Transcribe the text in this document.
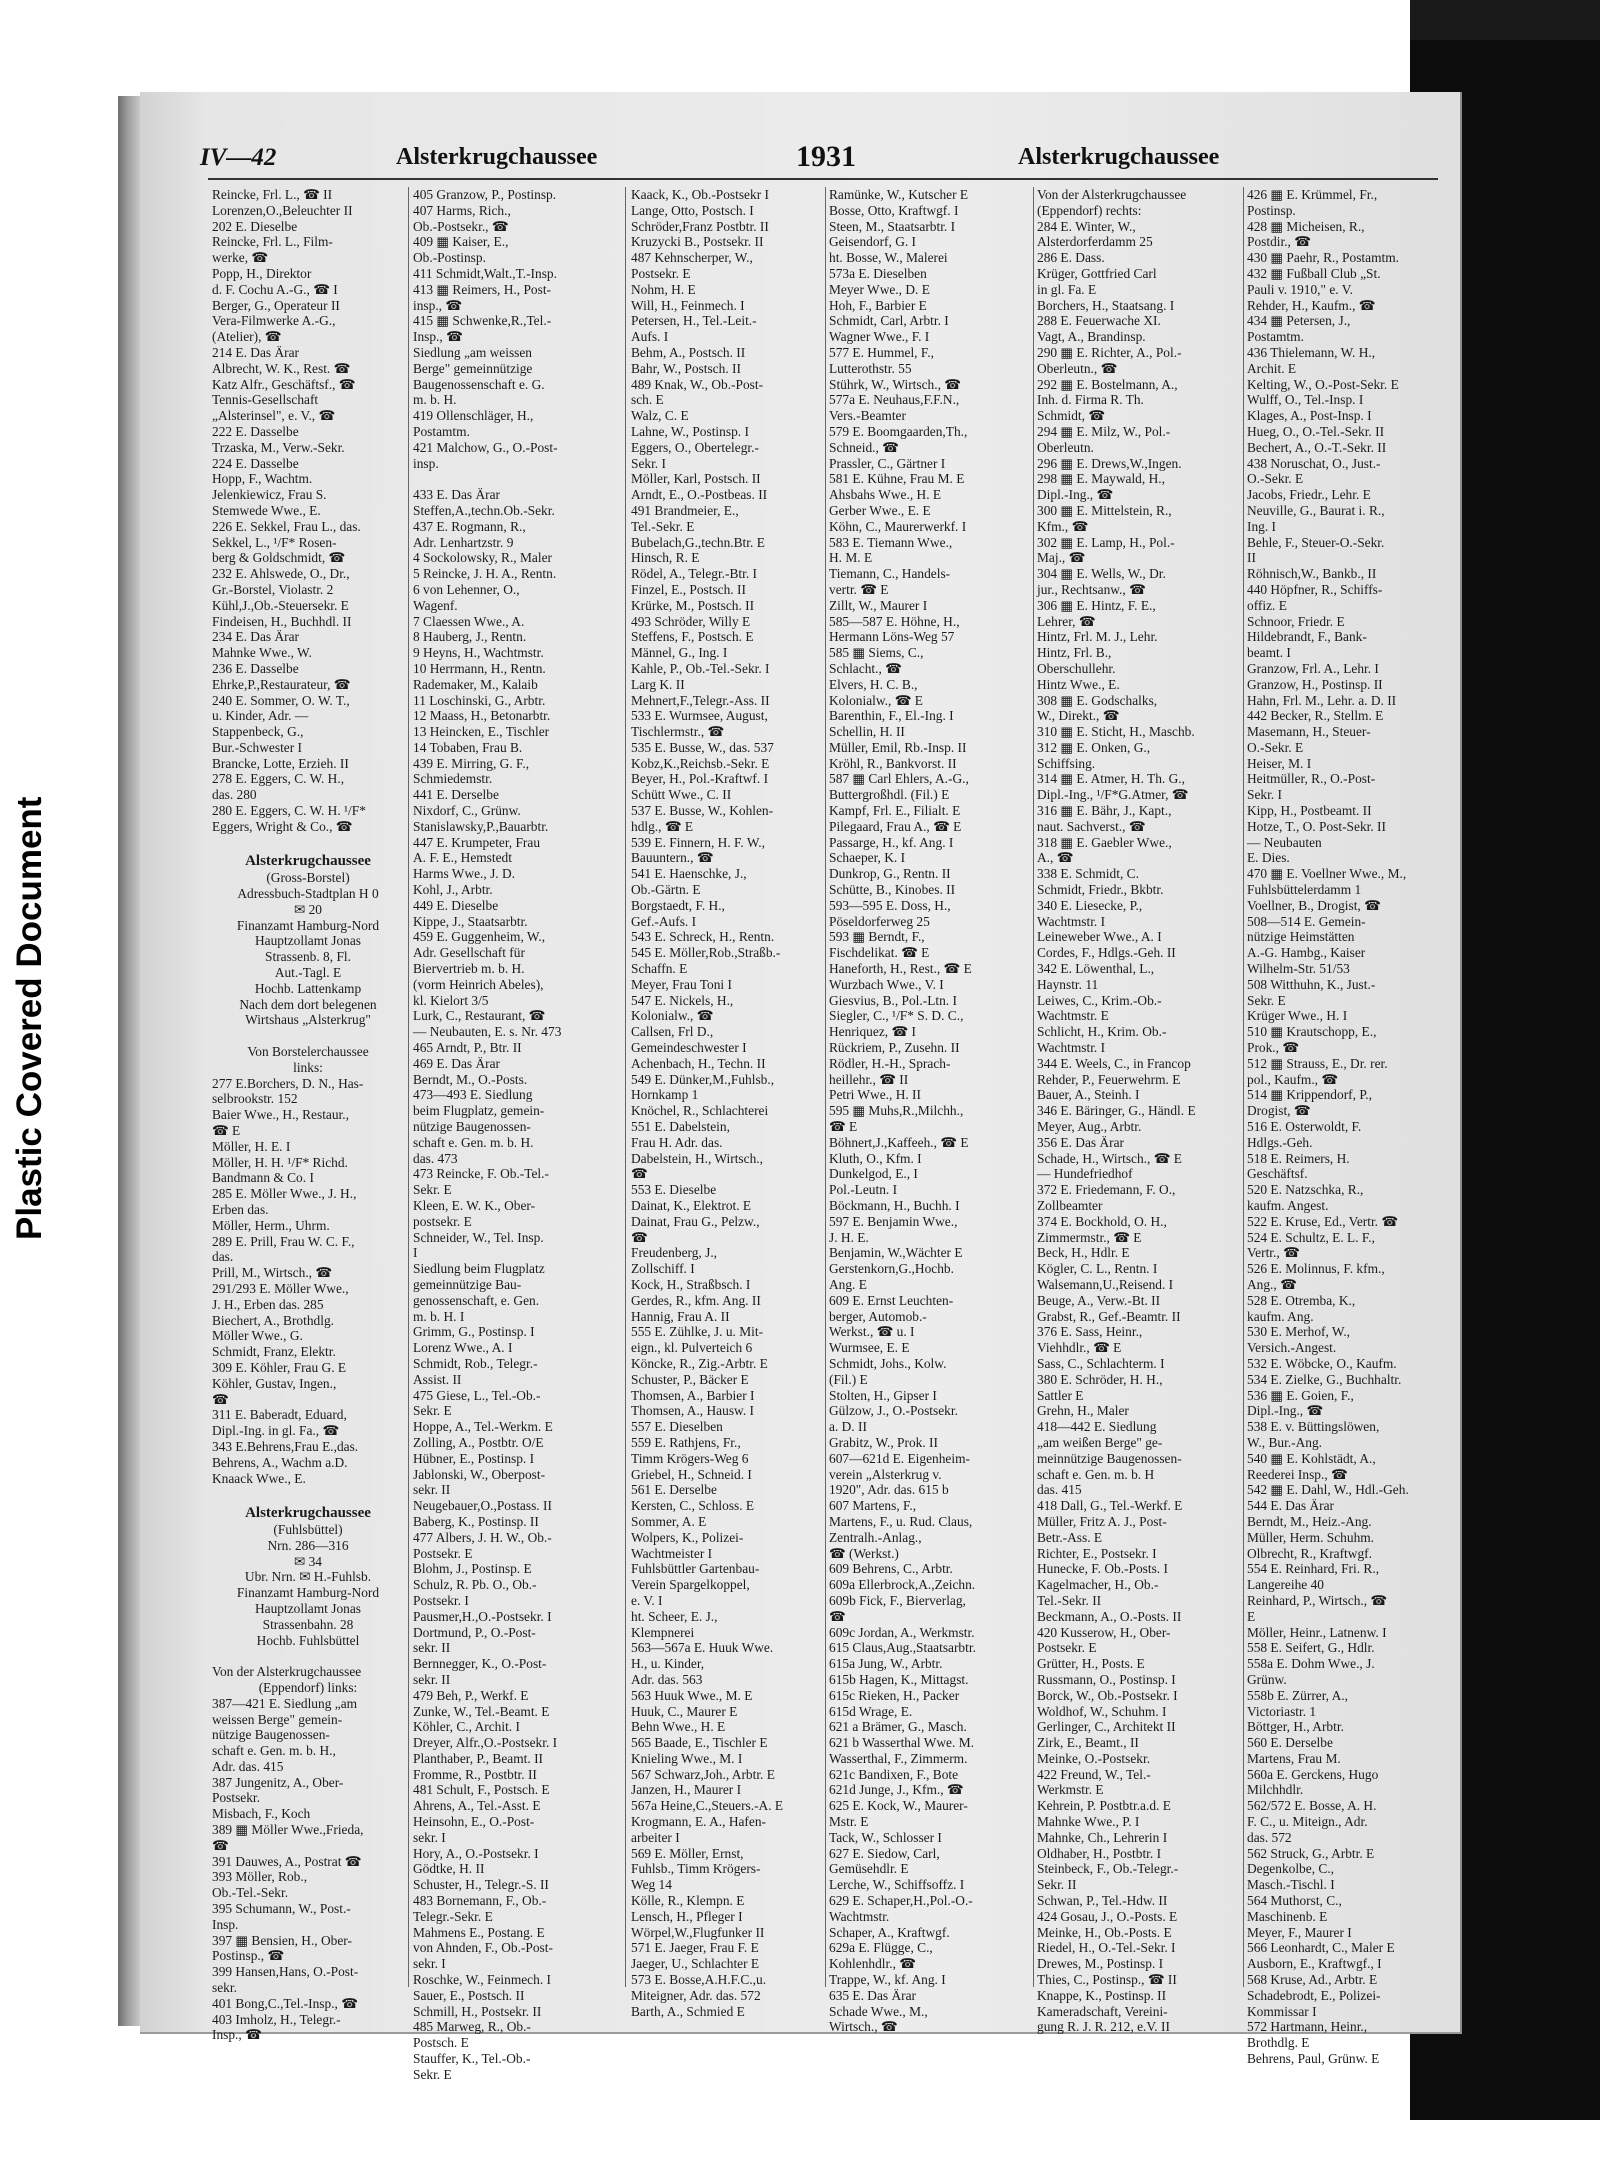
Plastic Covered Document
IV—42	Alsterkrugchaussee	1931	Alsterkrugchaussee

Reincke, Frl. L., ☎ II

Lorenzen,O.,Beleuchter II

202 E. Dieselbe

Reincke, Frl. L., Film-

werke, ☎

Popp, H., Direktor

d. F. Cochu A.-G., ☎ I

Berger, G., Operateur II

Vera-Filmwerke A.-G.,

(Atelier), ☎

214 E. Das Ärar

Albrecht, W. K., Rest. ☎

Katz Alfr., Geschäftsf., ☎

Tennis-Gesellschaft

„Alsterinsel", e. V., ☎

222 E. Dasselbe

Trzaska, M., Verw.-Sekr.

224 E. Dasselbe

Hopp, F., Wachtm.

Jelenkiewicz, Frau S.

Stemwede Wwe., E.

226 E. Sekkel, Frau L., das.

Sekkel, L., ¹/F* Rosen-

berg & Goldschmidt, ☎

232 E. Ahlswede, O., Dr.,

Gr.-Borstel, Violastr. 2

Kühl,J.,Ob.-Steuersekr. E

Findeisen, H., Buchhdl. II

234 E. Das Ärar

Mahnke Wwe., W.

236 E. Dasselbe

Ehrke,P.,Restaurateur, ☎

240 E. Sommer, O. W. T.,

u. Kinder, Adr. —

Stappenbeck, G.,

Bur.-Schwester I

Brancke, Lotte, Erzieh. II

278 E. Eggers, C. W. H.,

das. 280

280 E. Eggers, C. W. H. ¹/F*

Eggers, Wright & Co., ☎

Alsterkrugchaussee

(Gross-Borstel)

Adressbuch-Stadtplan H 0

✉ 20

Finanzamt Hamburg-Nord

Hauptzollamt Jonas

Strassenb. 8, Fl.

Aut.-Tagl. E

Hochb. Lattenkamp

Nach dem dort belegenen

Wirtshaus „Alsterkrug"

Von Borstelerchaussee

links:

277 E.Borchers, D. N., Has-

selbrookstr. 152

Baier Wwe., H., Restaur.,

☎ E

Möller, H. E. I

Möller, H. H. ¹/F* Richd.

Bandmann & Co. I

285 E. Möller Wwe., J. H.,

Erben das.

Möller, Herm., Uhrm.

289 E. Prill, Frau W. C. F.,

das.

Prill, M., Wirtsch., ☎

291/293 E. Möller Wwe.,

J. H., Erben das. 285

Biechert, A., Brothdlg.

Möller Wwe., G.

Schmidt, Franz, Elektr.

309 E. Köhler, Frau G. E

Köhler, Gustav, Ingen.,

☎

311 E. Baberadt, Eduard,

Dipl.-Ing. in gl. Fa., ☎

343 E.Behrens,Frau E.,das.

Behrens, A., Wachm a.D.

Knaack Wwe., E.

Alsterkrugchaussee

(Fuhlsbüttel)

Nrn. 286—316

✉ 34

Ubr. Nrn. ✉ H.-Fuhlsb.

Finanzamt Hamburg-Nord

Hauptzollamt Jonas

Strassenbahn. 28

Hochb. Fuhlsbüttel

Von der Alsterkrugchaussee

(Eppendorf) links:

387—421 E. Siedlung „am

weissen Berge" gemein-

nützige Baugenossen-

schaft e. Gen. m. b. H.,

Adr. das. 415

387 Jungenitz, A., Ober-

Postsekr.

Misbach, F., Koch

389 ▦ Möller Wwe.,Frieda,

☎

391 Dauwes, A., Postrat ☎

393 Möller, Rob.,

Ob.-Tel.-Sekr.

395 Schumann, W., Post.-

Insp.

397 ▦ Bensien, H., Ober-

Postinsp., ☎

399 Hansen,Hans, O.-Post-

sekr.

401 Bong,C.,Tel.-Insp., ☎

403 Imholz, H., Telegr.-

Insp., ☎

405 Granzow, P., Postinsp.

407 Harms, Rich.,

Ob.-Postsekr., ☎

409 ▦ Kaiser, E.,

Ob.-Postinsp.

411 Schmidt,Walt.,T.-Insp.

413 ▦ Reimers, H., Post-

insp., ☎

415 ▦ Schwenke,R.,Tel.-

Insp., ☎

Siedlung „am weissen

Berge" gemeinnützige

Baugenossenschaft e. G.

m. b. H.

419 Ollenschläger, H.,

Postamtm.

421 Malchow, G., O.-Post-

insp.

433 E. Das Ärar

Steffen,A.,techn.Ob.-Sekr.

437 E. Rogmann, R.,

Adr. Lenhartzstr. 9

4 Sockolowsky, R., Maler

5 Reincke, J. H. A., Rentn.

6 von Lehenner, O.,

Wagenf.

7 Claessen Wwe., A.

8 Hauberg, J., Rentn.

9 Heyns, H., Wachtmstr.

10 Herrmann, H., Rentn.

Rademaker, M., Kalaib

11 Loschinski, G., Arbtr.

12 Maass, H., Betonarbtr.

13 Heincken, E., Tischler

14 Tobaben, Frau B.

439 E. Mirring, G. F.,

Schmiedemstr.

441 E. Derselbe

Nixdorf, C., Grünw.

Stanislawsky,P.,Bauarbtr.

447 E. Krumpeter, Frau

A. F. E., Hemstedt

Harms Wwe., J. D.

Kohl, J., Arbtr.

449 E. Dieselbe

Kippe, J., Staatsarbtr.

459 E. Guggenheim, W.,

Adr. Gesellschaft für

Biervertrieb m. b. H.

(vorm Heinrich Abeles),

kl. Kielort 3/5

Lurk, C., Restaurant, ☎

— Neubauten, E. s. Nr. 473

465 Arndt, P., Btr. II

469 E. Das Ärar

Berndt, M., O.-Posts.

473—493 E. Siedlung

beim Flugplatz, gemein-

nützige Baugenossen-

schaft e. Gen. m. b. H.

das. 473

473 Reincke, F. Ob.-Tel.-

Sekr. E

Kleen, E. W. K., Ober-

postsekr. E

Schneider, W., Tel. Insp.

I

Siedlung beim Flugplatz

gemeinnützige Bau-

genossenschaft, e. Gen.

m. b. H. I

Grimm, G., Postinsp. I

Lorenz Wwe., A. I

Schmidt, Rob., Telegr.-

Assist. II

475 Giese, L., Tel.-Ob.-

Sekr. E

Hoppe, A., Tel.-Werkm. E

Zolling, A., Postbtr. O/E

Hübner, E., Postinsp. I

Jablonski, W., Oberpost-

sekr. II

Neugebauer,O.,Postass. II

Baberg, K., Postinsp. II

477 Albers, J. H. W., Ob.-

Postsekr. E

Blohm, J., Postinsp. E

Schulz, R. Pb. O., Ob.-

Postsekr. I

Pausmer,H.,O.-Postsekr. I

Dortmund, P., O.-Post-

sekr. II

Bernnegger, K., O.-Post-

sekr. II

479 Beh, P., Werkf. E

Zunke, W., Tel.-Beamt. E

Köhler, C., Archit. I

Dreyer, Alfr.,O.-Postsekr. I

Planthaber, P., Beamt. II

Fromme, R., Postbtr. II

481 Schult, F., Postsch. E

Ahrens, A., Tel.-Asst. E

Heinsohn, E., O.-Post-

sekr. I

Hory, A., O.-Postsekr. I

Gödtke, H. II

Schuster, H., Telegr.-S. II

483 Bornemann, F., Ob.-

Telegr.-Sekr. E

Mahmens E., Postang. E

von Ahnden, F., Ob.-Post-

sekr. I

Roschke, W., Feinmech. I

Sauer, E., Postsch. II

Schmill, H., Postsekr. II

485 Marweg, R., Ob.-

Postsch. E

Stauffer, K., Tel.-Ob.-

Sekr. E

Kaack, K., Ob.-Postsekr I

Lange, Otto, Postsch. I

Schröder,Franz Postbtr. II

Kruzycki B., Postsekr. II

487 Kehnscherper, W.,

Postsekr. E

Nohm, H. E

Will, H., Feinmech. I

Petersen, H., Tel.-Leit.-

Aufs. I

Behm, A., Postsch. II

Bahr, W., Postsch. II

489 Knak, W., Ob.-Post-

sch. E

Walz, C. E

Lahne, W., Postinsp. I

Eggers, O., Obertelegr.-

Sekr. I

Möller, Karl, Postsch. II

Arndt, E., O.-Postbeas. II

491 Brandmeier, E.,

Tel.-Sekr. E

Bubelach,G.,techn.Btr. E

Hinsch, R. E

Rödel, A., Telegr.-Btr. I

Finzel, E., Postsch. II

Krürke, M., Postsch. II

493 Schröder, Willy E

Steffens, F., Postsch. E

Männel, G., Ing. I

Kahle, P., Ob.-Tel.-Sekr. I

Larg K. II

Mehnert,F.,Telegr.-Ass. II

533 E. Wurmsee, August,

Tischlermstr., ☎

535 E. Busse, W., das. 537

Kobz,K.,Reichsb.-Sekr. E

Beyer, H., Pol.-Kraftwf. I

Schütt Wwe., C. II

537 E. Busse, W., Kohlen-

hdlg., ☎ E

539 E. Finnern, H. F. W.,

Bauuntern., ☎

541 E. Haenschke, J.,

Ob.-Gärtn. E

Borgstaedt, F. H.,

Gef.-Aufs. I

543 E. Schreck, H., Rentn.

545 E. Möller,Rob.,Straßb.-

Schaffn. E

Meyer, Frau Toni I

547 E. Nickels, H.,

Kolonialw., ☎

Callsen, Frl D.,

Gemeindeschwester I

Achenbach, H., Techn. II

549 E. Dünker,M.,Fuhlsb.,

Hornkamp 1

Knöchel, R., Schlachterei

551 E. Dabelstein,

Frau H. Adr. das.

Dabelstein, H., Wirtsch.,

☎

553 E. Dieselbe

Dainat, K., Elektrot. E

Dainat, Frau G., Pelzw.,

☎

Freudenberg, J.,

Zollschiff. I

Kock, H., Straßbsch. I

Gerdes, R., kfm. Ang. II

Hannig, Frau A. II

555 E. Zühlke, J. u. Mit-

eign., kl. Pulverteich 6

Köncke, R., Zig.-Arbtr. E

Schuster, P., Bäcker E

Thomsen, A., Barbier I

Thomsen, A., Hausw. I

557 E. Dieselben

559 E. Rathjens, Fr.,

Timm Krögers-Weg 6

Griebel, H., Schneid. I

561 E. Derselbe

Kersten, C., Schloss. E

Sommer, A. E

Wolpers, K., Polizei-

Wachtmeister I

Fuhlsbüttler Gartenbau-

Verein Spargelkoppel,

e. V. I

ht. Scheer, E. J.,

Klempnerei

563—567a E. Huuk Wwe.

H., u. Kinder,

Adr. das. 563

563 Huuk Wwe., M. E

Huuk, C., Maurer E

Behn Wwe., H. E

565 Baade, E., Tischler E

Knieling Wwe., M. I

567 Schwarz,Joh., Arbtr. E

Janzen, H., Maurer I

567a Heine,C.,Steuers.-A. E

Krogmann, E. A., Hafen-

arbeiter I

569 E. Möller, Ernst,

Fuhlsb., Timm Krögers-

Weg 14

Kölle, R., Klempn. E

Lensch, H., Pfleger I

Wörpel,W.,Flugfunker II

571 E. Jaeger, Frau F. E

Jaeger, U., Schlachter E

573 E. Bosse,A.H.F.C.,u.

Miteigner, Adr. das. 572

Barth, A., Schmied E

Ramünke, W., Kutscher E

Bosse, Otto, Kraftwgf. I

Steen, M., Staatsarbtr. I

Geisendorf, G. I

ht. Bosse, W., Malerei

573a E. Dieselben

Meyer Wwe., D. E

Hoh, F., Barbier E

Schmidt, Carl, Arbtr. I

Wagner Wwe., F. I

577 E. Hummel, F.,

Lutterothstr. 55

Stührk, W., Wirtsch., ☎

577a E. Neuhaus,F.F.N.,

Vers.-Beamter

579 E. Boomgaarden,Th.,

Schneid., ☎

Prassler, C., Gärtner I

581 E. Kühne, Frau M. E

Ahsbahs Wwe., H. E

Gerber Wwe., E. E

Köhn, C., Maurerwerkf. I

583 E. Tiemann Wwe.,

H. M. E

Tiemann, C., Handels-

vertr. ☎ E

Zillt, W., Maurer I

585—587 E. Höhne, H.,

Hermann Löns-Weg 57

585 ▦ Siems, C.,

Schlacht., ☎

Elvers, H. C. B.,

Kolonialw., ☎ E

Barenthin, F., El.-Ing. I

Schellin, H. II

Müller, Emil, Rb.-Insp. II

Kröhl, R., Bankvorst. II

587 ▦ Carl Ehlers, A.-G.,

Buttergroßhdl. (Fil.) E

Kampf, Frl. E., Filialt. E

Pilegaard, Frau A., ☎ E

Passarge, H., kf. Ang. I

Schaeper, K. I

Dunkrop, G., Rentn. II

Schütte, B., Kinobes. II

593—595 E. Doss, H.,

Pöseldorferweg 25

593 ▦ Berndt, F.,

Fischdelikat. ☎ E

Haneforth, H., Rest., ☎ E

Wurzbach Wwe., V. I

Giesvius, B., Pol.-Ltn. I

Siegler, C., ¹/F* S. D. C.,

Henriquez, ☎ I

Rückriem, P., Zusehn. II

Rödler, H.-H., Sprach-

heillehr., ☎ II

Petri Wwe., H. II

595 ▦ Muhs,R.,Milchh.,

☎ E

Böhnert,J.,Kaffeeh., ☎ E

Kluth, O., Kfm. I

Dunkelgod, E., I

Pol.-Leutn. I

Böckmann, H., Buchh. I

597 E. Benjamin Wwe.,

J. H. E.

Benjamin, W.,Wächter E

Gerstenkorn,G.,Hochb.

Ang. E

609 E. Ernst Leuchten-

berger, Automob.-

Werkst., ☎ u. I

Wurmsee, E. E

Schmidt, Johs., Kolw.

(Fil.) E

Stolten, H., Gipser I

Gülzow, J., O.-Postsekr.

a. D. II

Grabitz, W., Prok. II

607—621d E. Eigenheim-

verein „Alsterkrug v.

1920", Adr. das. 615 b

607 Martens, F.,

Martens, F., u. Rud. Claus,

Zentralh.-Anlag.,

☎ (Werkst.)

609 Behrens, C., Arbtr.

609a Ellerbrock,A.,Zeichn.

609b Fick, F., Bierverlag,

☎

609c Jordan, A., Werkmstr.

615 Claus,Aug.,Staatsarbtr.

615a Jung, W., Arbtr.

615b Hagen, K., Mittagst.

615c Rieken, H., Packer

615d Wrage, E.

621 a Brämer, G., Masch.

621 b Wasserthal Wwe. M.

Wasserthal, F., Zimmerm.

621c Bandixen, F., Bote

621d Junge, J., Kfm., ☎

625 E. Kock, W., Maurer-

Mstr. E

Tack, W., Schlosser I

627 E. Siedow, Carl,

Gemüsehdlr. E

Lerche, W., Schiffsoffz. I

629 E. Schaper,H.,Pol.-O.-

Wachtmstr.

Schaper, A., Kraftwgf.

629a E. Flügge, C.,

Kohlenhdlr., ☎

Trappe, W., kf. Ang. I

635 E. Das Ärar

Schade Wwe., M.,

Wirtsch., ☎

Von der Alsterkrugchaussee

(Eppendorf) rechts:

284 E. Winter, W.,

Alsterdorferdamm 25

286 E. Dass.

Krüger, Gottfried Carl

in gl. Fa. E

Borchers, H., Staatsang. I

288 E. Feuerwache XI.

Vagt, A., Brandinsp.

290 ▦ E. Richter, A., Pol.-

Oberleutn., ☎

292 ▦ E. Bostelmann, A.,

Inh. d. Firma R. Th.

Schmidt, ☎

294 ▦ E. Milz, W., Pol.-

Oberleutn.

296 ▦ E. Drews,W.,Ingen.

298 ▦ E. Maywald, H.,

Dipl.-Ing., ☎

300 ▦ E. Mittelstein, R.,

Kfm., ☎

302 ▦ E. Lamp, H., Pol.-

Maj., ☎

304 ▦ E. Wells, W., Dr.

jur., Rechtsanw., ☎

306 ▦ E. Hintz, F. E.,

Lehrer, ☎

Hintz, Frl. M. J., Lehr.

Hintz, Frl. B.,

Oberschullehr.

Hintz Wwe., E.

308 ▦ E. Godschalks,

W., Direkt., ☎

310 ▦ E. Sticht, H., Maschb.

312 ▦ E. Onken, G.,

Schiffsing.

314 ▦ E. Atmer, H. Th. G.,

Dipl.-Ing., ¹/F*G.Atmer, ☎

316 ▦ E. Bähr, J., Kapt.,

naut. Sachverst., ☎

318 ▦ E. Gaebler Wwe.,

A., ☎

338 E. Schmidt, C.

Schmidt, Friedr., Bkbtr.

340 E. Liesecke, P.,

Wachtmstr. I

Leineweber Wwe., A. I

Cordes, F., Hdlgs.-Geh. II

342 E. Löwenthal, L.,

Haynstr. 11

Leiwes, C., Krim.-Ob.-

Wachtmstr. E

Schlicht, H., Krim. Ob.-

Wachtmstr. I

344 E. Weels, C., in Francop

Rehder, P., Feuerwehrm. E

Bauer, A., Steinh. I

346 E. Bäringer, G., Händl. E

Meyer, Aug., Arbtr.

356 E. Das Ärar

Schade, H., Wirtsch., ☎ E

— Hundefriedhof

372 E. Friedemann, F. O.,

Zollbeamter

374 E. Bockhold, O. H.,

Zimmermstr., ☎ E

Beck, H., Hdlr. E

Kögler, C. L., Rentn. I

Walsemann,U.,Reisend. I

Beuge, A., Verw.-Bt. II

Grabst, R., Gef.-Beamtr. II

376 E. Sass, Heinr.,

Viehhdlr., ☎ E

Sass, C., Schlachterm. I

380 E. Schröder, H. H.,

Sattler E

Grehn, H., Maler

418—442 E. Siedlung

„am weißen Berge" ge-

meinnützige Baugenossen-

schaft e. Gen. m. b. H

das. 415

418 Dall, G., Tel.-Werkf. E

Müller, Fritz A. J., Post-

Betr.-Ass. E

Richter, E., Postsekr. I

Hunecke, F. Ob.-Posts. I

Kagelmacher, H., Ob.-

Tel.-Sekr. II

Beckmann, A., O.-Posts. II

420 Kusserow, H., Ober-

Postsekr. E

Grütter, H., Posts. E

Russmann, O., Postinsp. I

Borck, W., Ob.-Postsekr. I

Woldhof, W., Schuhm. I

Gerlinger, C., Architekt II

Zirk, E., Beamt., II

Meinke, O.-Postsekr.

422 Freund, W., Tel.-

Werkmstr. E

Kehrein, P. Postbtr.a.d. E

Mahnke Wwe., P. I

Mahnke, Ch., Lehrerin I

Oldhaber, H., Postbtr. I

Steinbeck, F., Ob.-Telegr.-

Sekr. II

Schwan, P., Tel.-Hdw. II

424 Gosau, J., O.-Posts. E

Meinke, H., Ob.-Posts. E

Riedel, H., O.-Tel.-Sekr. I

Drewes, M., Postinsp. I

Thies, C., Postinsp., ☎ II

Knappe, K., Postinsp. II

Kameradschaft, Vereini-

gung R. J. R. 212, e.V. II

426 ▦ E. Krümmel, Fr.,

Postinsp.

428 ▦ Micheisen, R.,

Postdir., ☎

430 ▦ Paehr, R., Postamtm.

432 ▦ Fußball Club „St.

Pauli v. 1910," e. V.

Rehder, H., Kaufm., ☎

434 ▦ Petersen, J.,

Postamtm.

436 Thielemann, W. H.,

Archit. E

Kelting, W., O.-Post-Sekr. E

Wulff, O., Tel.-Insp. I

Klages, A., Post-Insp. I

Hueg, O., O.-Tel.-Sekr. II

Bechert, A., O.-T.-Sekr. II

438 Noruschat, O., Just.-

O.-Sekr. E

Jacobs, Friedr., Lehr. E

Neuville, G., Baurat i. R.,

Ing. I

Behle, F., Steuer-O.-Sekr.

II

Röhnisch,W., Bankb., II

440 Höpfner, R., Schiffs-

offiz. E

Schnoor, Friedr. E

Hildebrandt, F., Bank-

beamt. I

Granzow, Frl. A., Lehr. I

Granzow, H., Postinsp. II

Hahn, Frl. M., Lehr. a. D. II

442 Becker, R., Stellm. E

Masemann, H., Steuer-

O.-Sekr. E

Heiser, M. I

Heitmüller, R., O.-Post-

Sekr. I

Kipp, H., Postbeamt. II

Hotze, T., O. Post-Sekr. II

— Neubauten

E. Dies.

470 ▦ E. Voellner Wwe., M.,

Fuhlsbüttelerdamm 1

Voellner, B., Drogist, ☎

508—514 E. Gemein-

nützige Heimstätten

A.-G. Hambg., Kaiser

Wilhelm-Str. 51/53

508 Witthuhn, K., Just.-

Sekr. E

Krüger Wwe., H. I

510 ▦ Krautschopp, E.,

Prok., ☎

512 ▦ Strauss, E., Dr. rer.

pol., Kaufm., ☎

514 ▦ Krippendorf, P.,

Drogist, ☎

516 E. Osterwoldt, F.

Hdlgs.-Geh.

518 E. Reimers, H.

Geschäftsf.

520 E. Natzschka, R.,

kaufm. Angest.

522 E. Kruse, Ed., Vertr. ☎

524 E. Schultz, E. L. F.,

Vertr., ☎

526 E. Molinnus, F. kfm.,

Ang., ☎

528 E. Otremba, K.,

kaufm. Ang.

530 E. Merhof, W.,

Versich.-Angest.

532 E. Wöbcke, O., Kaufm.

534 E. Zielke, G., Buchhaltr.

536 ▦ E. Goien, F.,

Dipl.-Ing., ☎

538 E. v. Büttingslöwen,

W., Bur.-Ang.

540 ▦ E. Kohlstädt, A.,

Reederei Insp., ☎

542 ▦ E. Dahl, W., Hdl.-Geh.

544 E. Das Ärar

Berndt, M., Heiz.-Ang.

Müller, Herm. Schuhm.

Olbrecht, R., Kraftwgf.

554 E. Reinhard, Fri. R.,

Langereihe 40

Reinhard, P., Wirtsch., ☎

E

Möller, Heinr., Latnenw. I

558 E. Seifert, G., Hdlr.

558a E. Dohm Wwe., J.

Grünw.

558b E. Zürrer, A.,

Victoriastr. 1

Böttger, H., Arbtr.

560 E. Derselbe

Martens, Frau M.

560a E. Gerckens, Hugo

Milchhdlr.

562/572 E. Bosse, A. H.

F. C., u. Miteign., Adr.

das. 572

562 Struck, G., Arbtr. E

Degenkolbe, C.,

Masch.-Tischl. I

564 Muthorst, C.,

Maschinenb. E

Meyer, F., Maurer I

566 Leonhardt, C., Maler E

Ausborn, E., Kraftwgf., I

568 Kruse, Ad., Arbtr. E

Schadebrodt, E., Polizei-

Kommissar I

572 Hartmann, Heinr.,

Brothdlg. E

Behrens, Paul, Grünw. E
